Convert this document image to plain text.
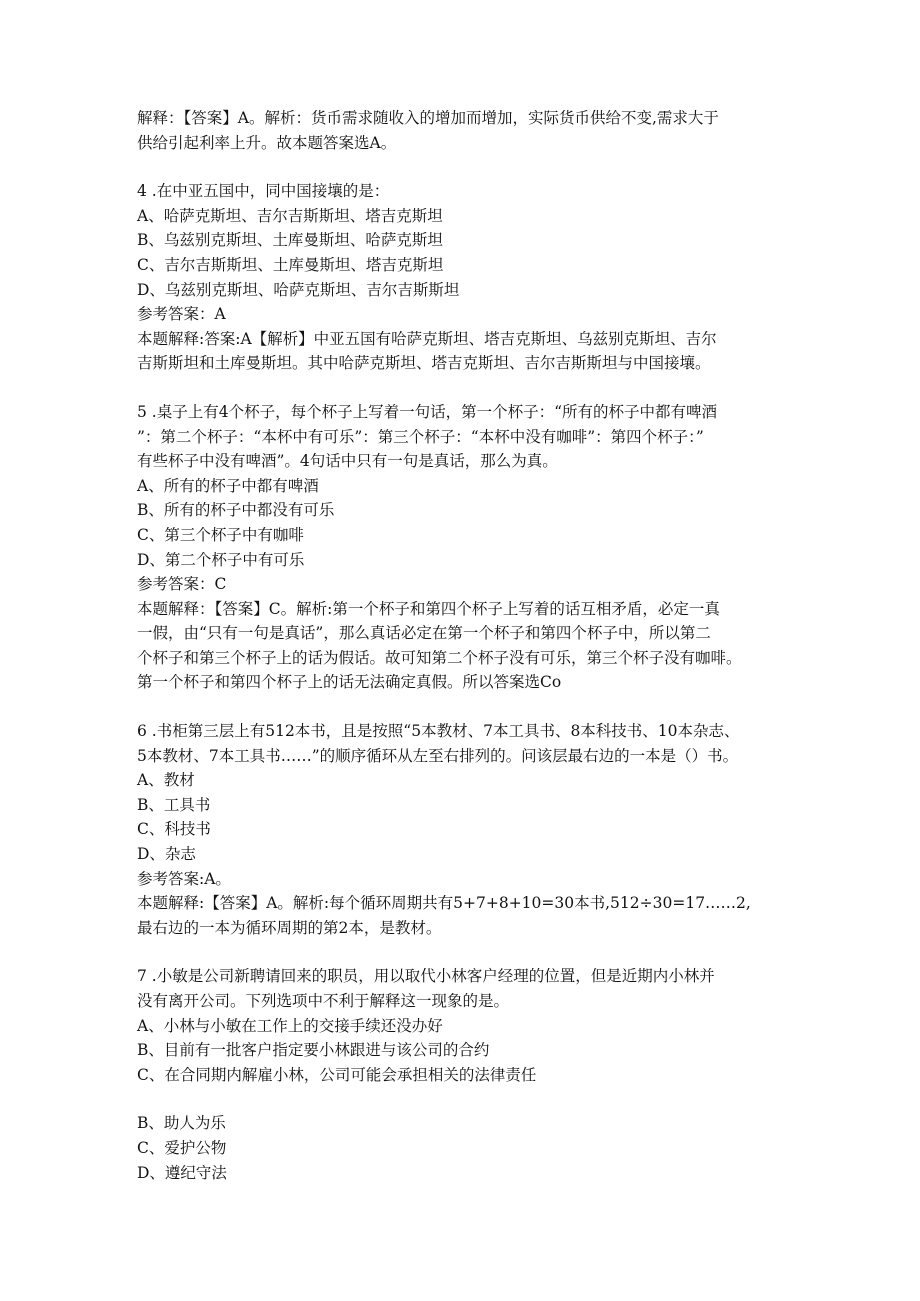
解释：【答案】A。解析：货币需求随收入的增加而增加，实际货币供给不变,需求大于

供给引起利率上升。故本题答案选A。

4 .在中亚五国中，同中国接壤的是：

A、哈萨克斯坦、吉尔吉斯斯坦、塔吉克斯坦

B、乌兹别克斯坦、土库曼斯坦、哈萨克斯坦

C、吉尔吉斯斯坦、土库曼斯坦、塔吉克斯坦

D、乌兹别克斯坦、哈萨克斯坦、吉尔吉斯斯坦

参考答案：A

本题解释:答案:A【解析】中亚五国有哈萨克斯坦、塔吉克斯坦、乌兹别克斯坦、吉尔

吉斯斯坦和土库曼斯坦。其中哈萨克斯坦、塔吉克斯坦、吉尔吉斯斯坦与中国接壤。

5 .桌子上有4个杯子，每个杯子上写着一句话，第一个杯子：“所有的杯子中都有啤酒

”：第二个杯子：“本杯中有可乐”：第三个杯子：“本杯中没有咖啡”：第四个杯子：”

有些杯子中没有啤酒”。4句话中只有一句是真话，那么为真。

A、所有的杯子中都有啤酒

B、所有的杯子中都没有可乐

C、第三个杯子中有咖啡

D、第二个杯子中有可乐

参考答案：C

本题解释：【答案】C。解析:第一个杯子和第四个杯子上写着的话互相矛盾，必定一真

一假，由“只有一句是真话”，那么真话必定在第一个杯子和第四个杯子中，所以第二

个杯子和第三个杯子上的话为假话。故可知第二个杯子没有可乐，第三个杯子没有咖啡。

第一个杯子和第四个杯子上的话无法确定真假。所以答案选Co

6 .书柜第三层上有512本书，且是按照“5本教材、7本工具书、8本科技书、10本杂志、

5本教材、7本工具书……”的顺序循环从左至右排列的。问该层最右边的一本是（）书。

A、教材

B、工具书

C、科技书

D、杂志

参考答案:A。

本题解释:【答案】A。解析:每个循环周期共有5+7+8+10=30本书,512÷30=17……2,

最右边的一本为循环周期的第2本，是教材。

7 .小敏是公司新聘请回来的职员，用以取代小林客户经理的位置，但是近期内小林并

没有离开公司。下列选项中不利于解释这一现象的是。

A、小林与小敏在工作上的交接手续还没办好

B、目前有一批客户指定要小林跟进与该公司的合约

C、在合同期内解雇小林，公司可能会承担相关的法律责任

B、助人为乐

C、爱护公物

D、遵纪守法
